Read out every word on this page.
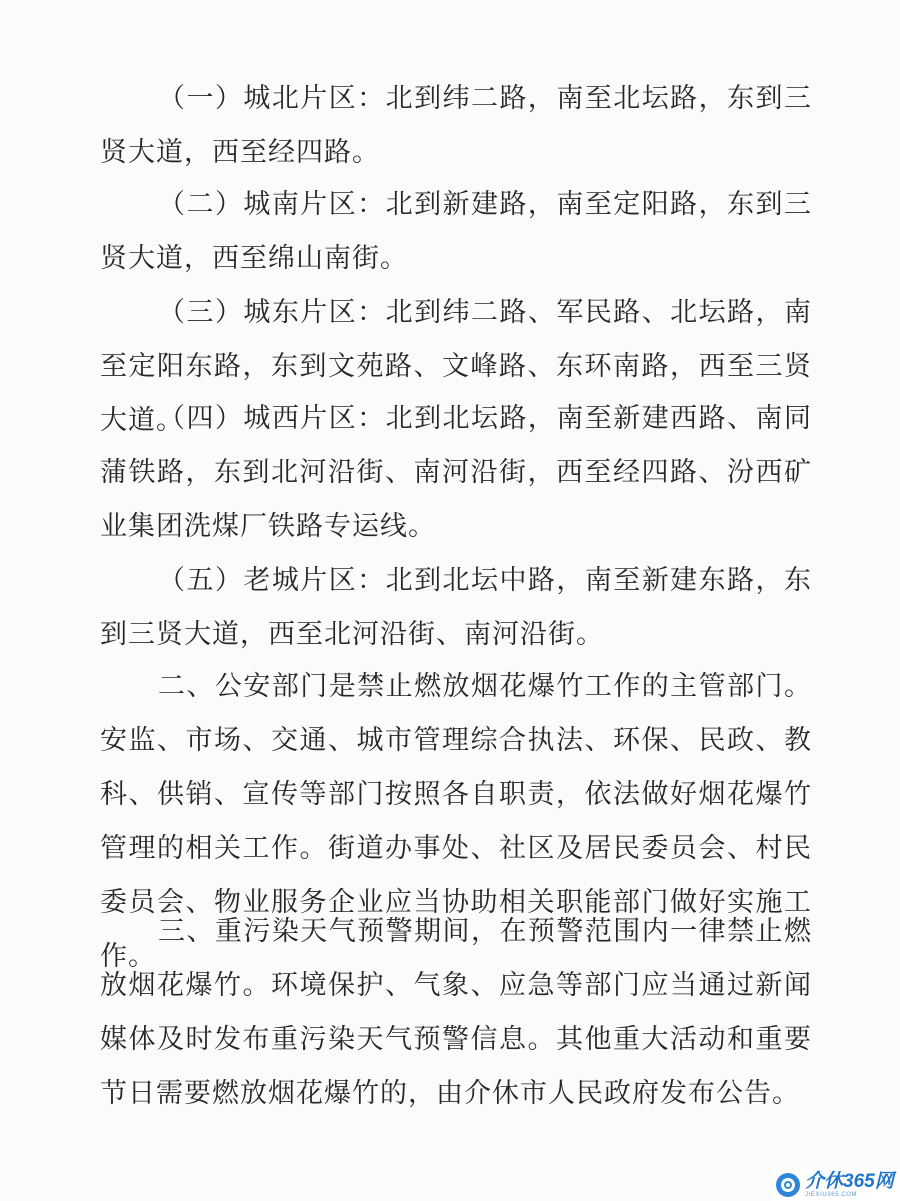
（一）城北片区：北到纬二路，南至北坛路，东到三贤大道，西至经四路。

（二）城南片区：北到新建路，南至定阳路，东到三贤大道，西至绵山南街。

（三）城东片区：北到纬二路、军民路、北坛路，南至定阳东路，东到文苑路、文峰路、东环南路，西至三贤大道。

（四）城西片区：北到北坛路，南至新建西路、南同蒲铁路，东到北河沿街、南河沿街，西至经四路、汾西矿业集团洗煤厂铁路专运线。

（五）老城片区：北到北坛中路，南至新建东路，东到三贤大道，西至北河沿街、南河沿街。

二、公安部门是禁止燃放烟花爆竹工作的主管部门。安监、市场、交通、城市管理综合执法、环保、民政、教科、供销、宣传等部门按照各自职责，依法做好烟花爆竹管理的相关工作。街道办事处、社区及居民委员会、村民委员会、物业服务企业应当协助相关职能部门做好实施工作。

三、重污染天气预警期间，在预警范围内一律禁止燃放烟花爆竹。环境保护、气象、应急等部门应当通过新闻媒体及时发布重污染天气预警信息。其他重大活动和重要节日需要燃放烟花爆竹的，由介休市人民政府发布公告。

介休365网
JIEXIU365.COM
